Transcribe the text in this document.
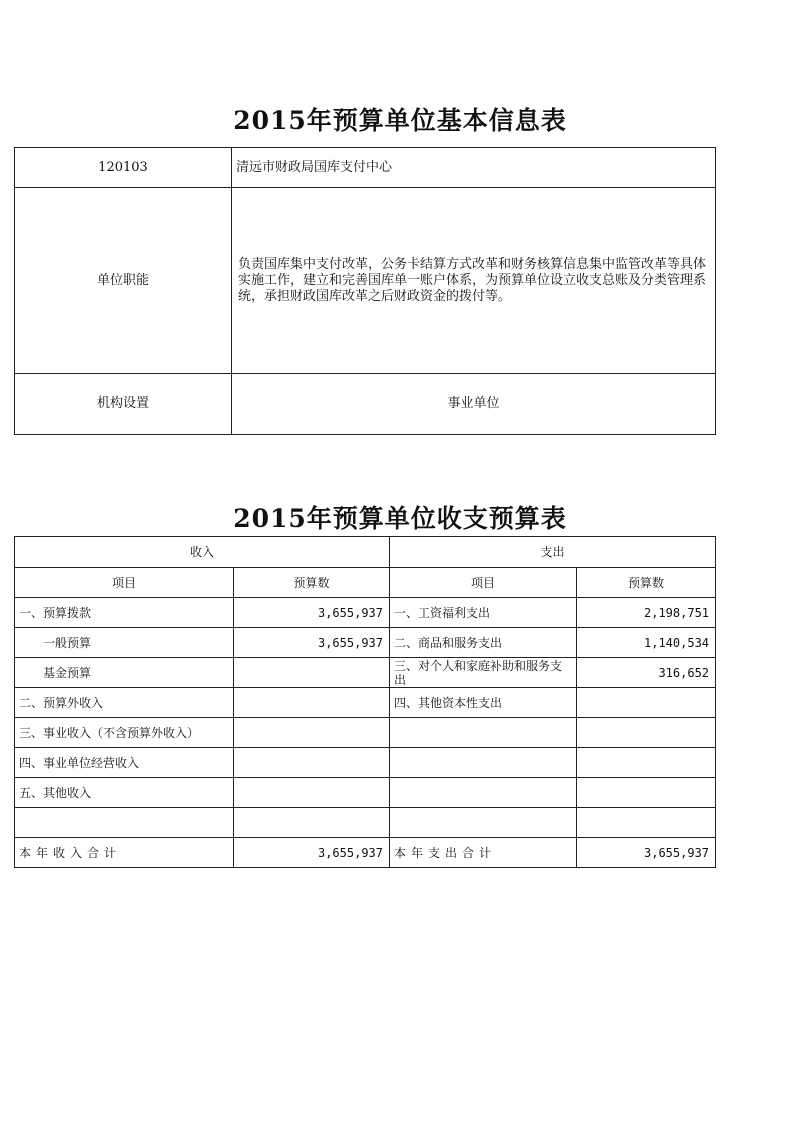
2015年预算单位基本信息表
120103	清远市财政局国库支付中心
单位职能	负责国库集中支付改革，公务卡结算方式改革和财务核算信息集中监管改革等具体实施工作，建立和完善国库单一账户体系，为预算单位设立收支总账及分类管理系统，承担财政国库改革之后财政资金的拨付等。
机构设置	事业单位
2015年预算单位收支预算表
收入		支出	
项目	预算数	项目	预算数
一、预算拨款	3,655,937	一、工资福利支出	2,198,751
一般预算	3,655,937	二、商品和服务支出	1,140,534
基金预算		三、对个人和家庭补助和服务支出	316,652
二、预算外收入		四、其他资本性支出	
三、事业收入（不含预算外收入）			
四、事业单位经营收入			
五、其他收入			

本年收入合计	3,655,937	本年支出合计	3,655,937
